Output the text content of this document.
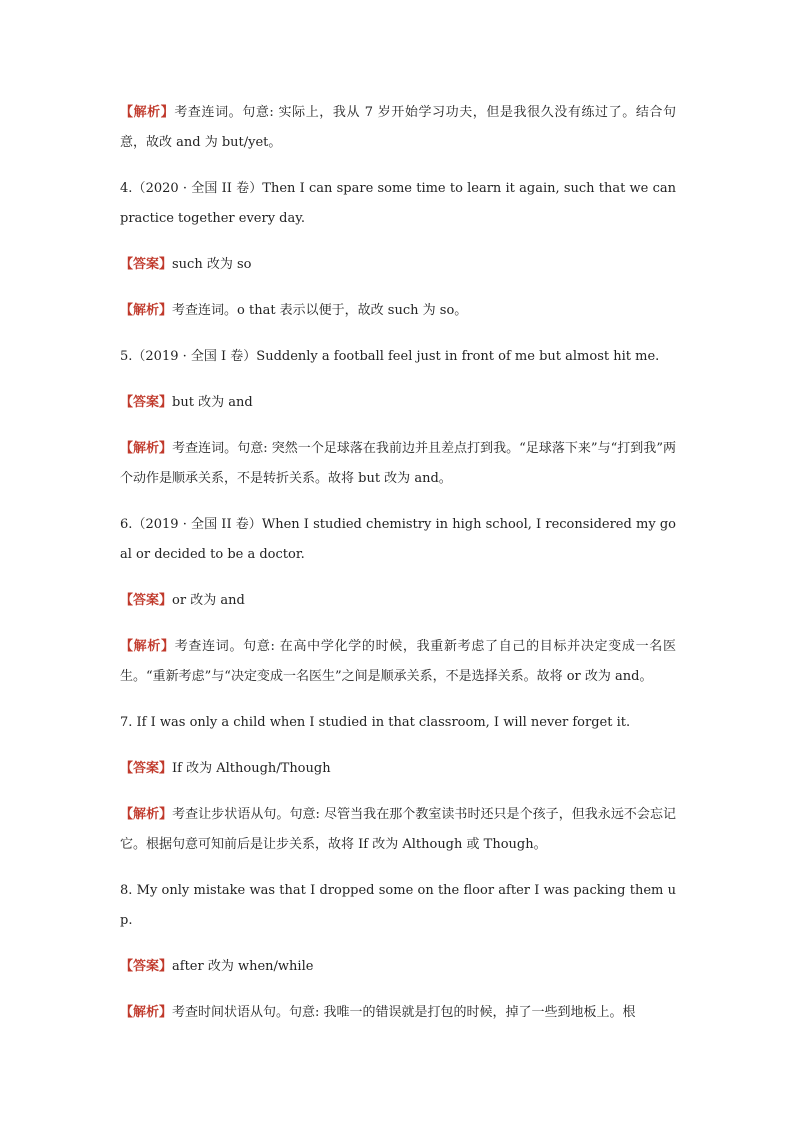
【解析】考查连词。句意: 实际上，我从 7 岁开始学习功夫，但是我很久没有练过了。结合句意，故改 and 为 but/yet。

4.（2020 · 全国 II 卷）Then I can spare some time to learn it again, such that we can practice together every day.

【答案】such 改为 so

【解析】考查连词。o that 表示以便于，故改 such 为 so。

5.（2019 · 全国 I 卷）Suddenly a football feel just in front of me but almost hit me.

【答案】but 改为 and

【解析】考查连词。句意: 突然一个足球落在我前边并且差点打到我。“足球落下来”与“打到我”两个动作是顺承关系，不是转折关系。故将 but 改为 and。

6.（2019 · 全国 II 卷）When I studied chemistry in high school, I reconsidered my goal or decided to be a doctor.

【答案】or 改为 and

【解析】考查连词。句意: 在高中学化学的时候，我重新考虑了自己的目标并决定变成一名医生。“重新考虑”与“决定变成一名医生”之间是顺承关系，不是选择关系。故将 or 改为 and。

7. If I was only a child when I studied in that classroom, I will never forget it.

【答案】If 改为 Although/Though

【解析】考查让步状语从句。句意: 尽管当我在那个教室读书时还只是个孩子，但我永远不会忘记它。根据句意可知前后是让步关系，故将 If 改为 Although 或 Though。

8. My only mistake was that I dropped some on the floor after I was packing them up.

【答案】after 改为 when/while

【解析】考查时间状语从句。句意: 我唯一的错误就是打包的时候，掉了一些到地板上。根
